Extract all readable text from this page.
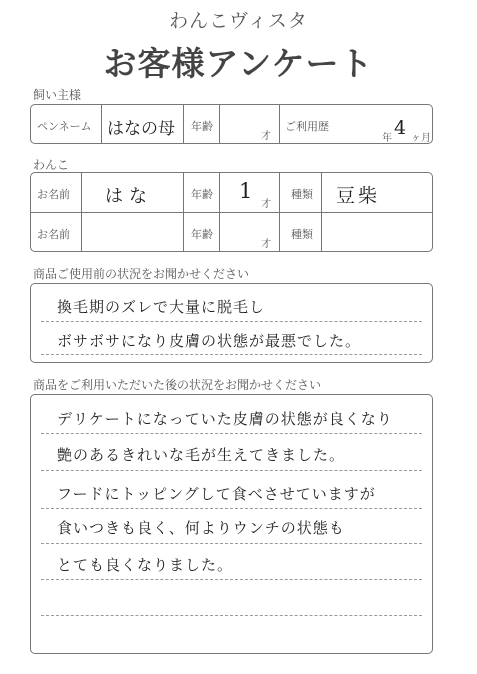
わんこヴィスタ
お客様アンケート
飼い主様
ペンネーム はなの母 年齢
才
ご利用歴
年 4 ヶ月
わんこ
お名前 はな	年齢 1
才
種類 豆柴
お名前	年齢
才
種類
商品ご使用前の状況をお聞かせください
換毛期のズレで大量に脱毛し
ボサボサになり皮膚の状態が最悪でした。
商品をご利用いただいた後の状況をお聞かせください
デリケートになっていた皮膚の状態が良くなり
艶のあるきれいな毛が生えてきました。
フードにトッピングして食べさせていますが
食いつきも良く、何よりウンチの状態も
とても良くなりました。
